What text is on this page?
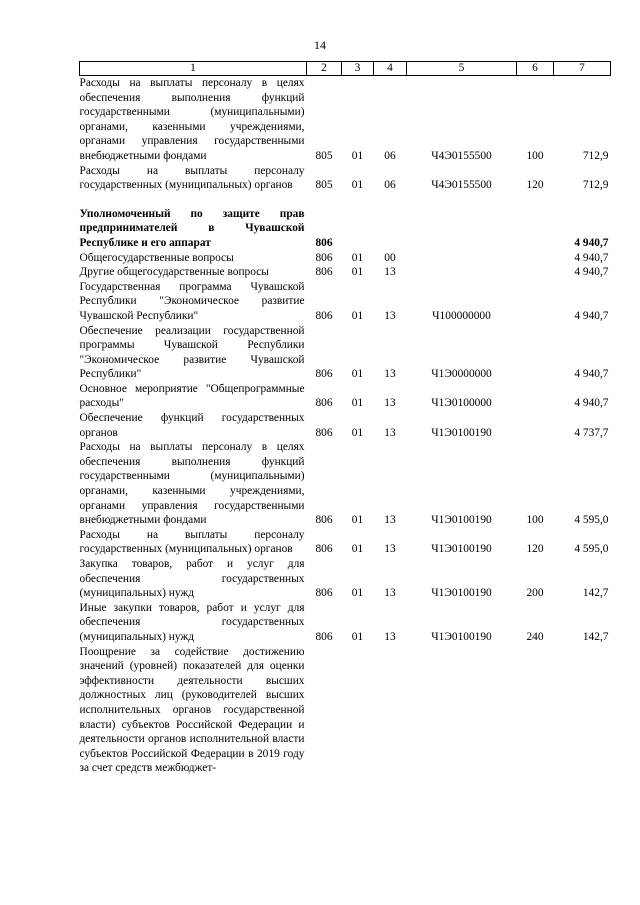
14
1	2	3	4	5	6	7
Расходы на выплаты персоналу в целях обеспечения выполнения функций государственными (муниципальными) органами, казенными учреждениями, органами управления государственными внебюджетными фондами	805	01	06	Ч4Э0155500	100	712,9
Расходы на выплаты персоналу государственных (муниципальных) органов	805	01	06	Ч4Э0155500	120	712,9

Уполномоченный по защите прав предпринимателей в Чувашской Республике и его аппарат	806					4 940,7
Общегосударственные вопросы	806	01	00			4 940,7
Другие общегосударственные вопросы	806	01	13			4 940,7
Государственная программа Чувашской Республики "Экономическое развитие Чувашской Республики"	806	01	13	Ч100000000		4 940,7
Обеспечение реализации государственной программы Чувашской Республики "Экономическое развитие Чувашской Республики"	806	01	13	Ч1Э0000000		4 940,7
Основное мероприятие "Общепрограммные расходы"	806	01	13	Ч1Э0100000		4 940,7
Обеспечение функций государственных органов	806	01	13	Ч1Э0100190		4 737,7
Расходы на выплаты персоналу в целях обеспечения выполнения функций государственными (муниципальными) органами, казенными учреждениями, органами управления государственными внебюджетными фондами	806	01	13	Ч1Э0100190	100	4 595,0
Расходы на выплаты персоналу государственных (муниципальных) органов	806	01	13	Ч1Э0100190	120	4 595,0
Закупка товаров, работ и услуг для обеспечения государственных (муниципальных) нужд	806	01	13	Ч1Э0100190	200	142,7
Иные закупки товаров, работ и услуг для обеспечения государственных (муниципальных) нужд	806	01	13	Ч1Э0100190	240	142,7
Поощрение за содействие достижению значений (уровней) показателей для оценки эффективности деятельности высших должностных лиц (руководителей высших исполнительных органов государственной власти) субъектов Российской Федерации и деятельности органов исполнительной власти субъектов Российской Федерации в 2019 году за счет средств межбюджет-						
